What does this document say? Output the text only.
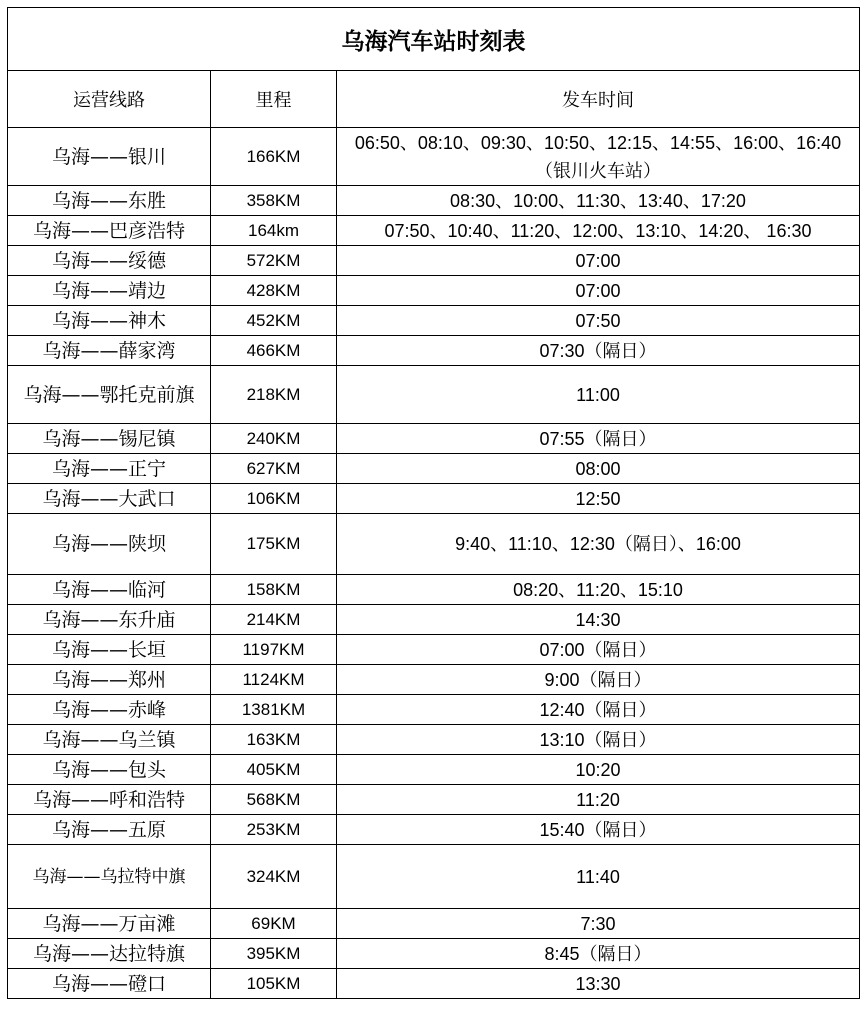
乌海汽车站时刻表		
运营线路	里程	发车时间
乌海——银川	166KM	06:50、08:10、09:30、10:50、12:15、14:55、16:00、16:40（银川火车站）
乌海——东胜	358KM	08:30、10:00、11:30、13:40、17:20
乌海——巴彦浩特	164km	07:50、10:40、11:20、12:00、13:10、14:20、 16:30
乌海——绥德	572KM	07:00
乌海——靖边	428KM	07:00
乌海——神木	452KM	07:50
乌海——薛家湾	466KM	07:30（隔日）
乌海——鄂托克前旗	218KM	11:00
乌海——锡尼镇	240KM	07:55（隔日）
乌海——正宁	627KM	08:00
乌海——大武口	106KM	12:50
乌海——陕坝	175KM	9:40、11:10、12:30（隔日）、16:00
乌海——临河	158KM	08:20、11:20、15:10
乌海——东升庙	214KM	14:30
乌海——长垣	1197KM	07:00（隔日）
乌海——郑州	1124KM	9:00（隔日）
乌海——赤峰	1381KM	12:40（隔日）
乌海——乌兰镇	163KM	13:10（隔日）
乌海——包头	405KM	10:20
乌海——呼和浩特	568KM	11:20
乌海——五原	253KM	15:40（隔日）
乌海——乌拉特中旗	324KM	11:40
乌海——万亩滩	69KM	7:30
乌海——达拉特旗	395KM	8:45（隔日）
乌海——磴口	105KM	13:30
